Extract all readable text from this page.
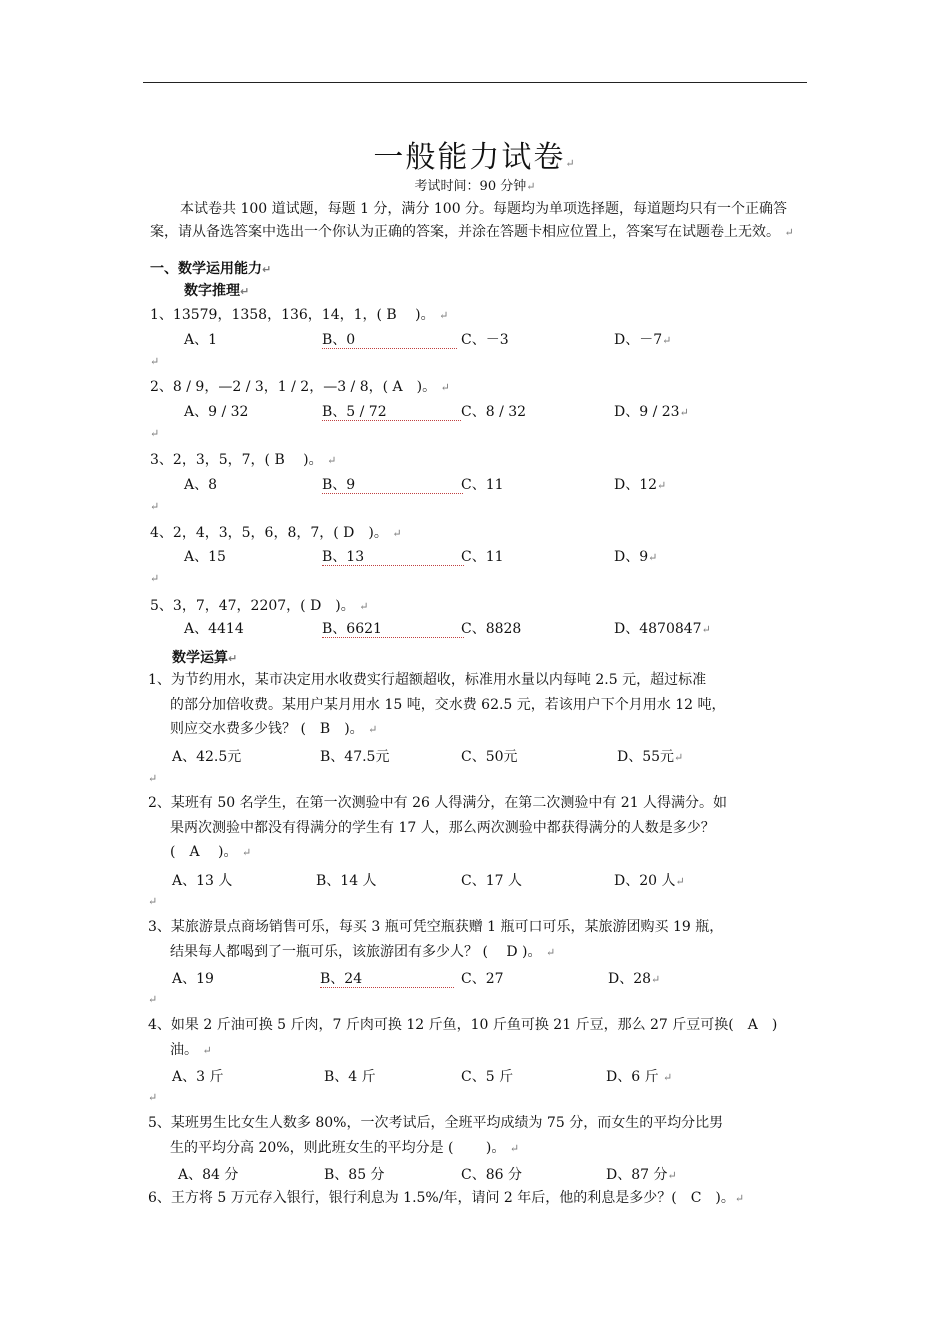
一般能力试卷↵
考试时间：90 分钟↵
本试卷共 100 道试题，每题 1 分，满分 100 分。每题均为单项选择题，每道题均只有一个正确答案，请从备选答案中选出一个你认为正确的答案，并涂在答题卡相应位置上，答案写在试题卷上无效。 ↵
一、数学运用能力↵
数字推理↵
1、13579，1358，136，14，1，( B　 )。 ↵
A、1	B、0	C、－3	D、－7↵
↵
2、8 / 9，—2 / 3，1 / 2，—3 / 8，( A　)。 ↵
A、9 / 32	B、5 / 72	C、8 / 32	D、9 / 23↵
↵
3、2，3，5，7，( B　 )。 ↵
A、8	B、9	C、11	D、12↵
↵
4、2，4，3，5，6，8，7，( D　)。 ↵
A、15	B、13	C、11	D、9↵
↵
5、3，7，47，2207，( D　)。 ↵
A、4414	B、6621	C、8828	D、4870847↵
数学运算↵
1、为节约用水，某市决定用水收费实行超额超收，标准用水量以内每吨 2.5 元，超过标准
的部分加倍收费。某用户某月用水 15 吨，交水费 62.5 元，若该用户下个月用水 12 吨，
则应交水费多少钱？ (　B　)。 ↵
A、42.5元	B、47.5元	C、50元	D、55元↵
↵
2、某班有 50 名学生，在第一次测验中有 26 人得满分，在第二次测验中有 21 人得满分。如
果两次测验中都没有得满分的学生有 17 人，那么两次测验中都获得满分的人数是多少？
(　A　 )。 ↵
A、13 人	B、14 人	C、17 人	D、20 人↵
↵
3、某旅游景点商场销售可乐，每买 3 瓶可凭空瓶获赠 1 瓶可口可乐，某旅游团购买 19 瓶，
结果每人都喝到了一瓶可乐，该旅游团有多少人？ (　 D )。 ↵
A、19	B、24	C、27	D、28↵
↵
4、如果 2 斤油可换 5 斤肉，7 斤肉可换 12 斤鱼，10 斤鱼可换 21 斤豆，那么 27 斤豆可换(　A　)
油。 ↵
A、3 斤	B、4 斤	C、5 斤	D、6 斤 ↵
↵
5、某班男生比女生人数多 80%，一次考试后，全班平均成绩为 75 分，而女生的平均分比男
生的平均分高 20%，则此班女生的平均分是 (　　 )。 ↵
A、84 分	B、85 分	C、86 分	D、87 分↵
6、王方将 5 万元存入银行，银行利息为 1.5%/年，请问 2 年后，他的利息是多少？(　C　)。↵
